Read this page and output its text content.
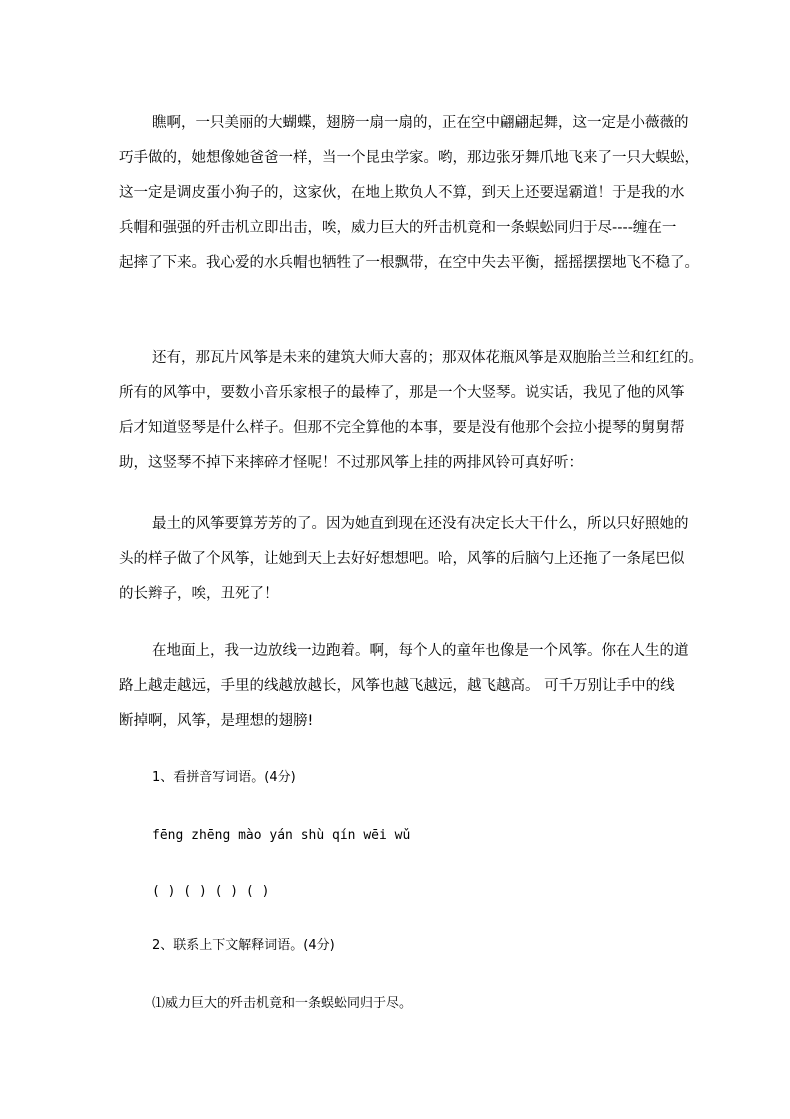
瞧啊，一只美丽的大蝴蝶，翅膀一扇一扇的，正在空中翩翩起舞，这一定是小薇薇的
巧手做的，她想像她爸爸一样，当一个昆虫学家。哟，那边张牙舞爪地飞来了一只大蜈蚣，
这一定是调皮蛋小狗子的，这家伙，在地上欺负人不算，到天上还要逞霸道！于是我的水
兵帽和强强的歼击机立即出击，唉，威力巨大的歼击机竟和一条蜈蚣同归于尽----缠在一
起摔了下来。我心爱的水兵帽也牺牲了一根飘带，在空中失去平衡，摇摇摆摆地飞不稳了。
还有，那瓦片风筝是未来的建筑大师大喜的；那双体花瓶风筝是双胞胎兰兰和红红的。
所有的风筝中，要数小音乐家根子的最棒了，那是一个大竖琴。说实话，我见了他的风筝
后才知道竖琴是什么样子。但那不完全算他的本事，要是没有他那个会拉小提琴的舅舅帮
助，这竖琴不掉下来摔碎才怪呢！不过那风筝上挂的两排风铃可真好听：
最土的风筝要算芳芳的了。因为她直到现在还没有决定长大干什么，所以只好照她的
头的样子做了个风筝，让她到天上去好好想想吧。哈，风筝的后脑勺上还拖了一条尾巴似
的长辫子，唉，丑死了！
在地面上，我一边放线一边跑着。啊，每个人的童年也像是一个风筝。你在人生的道
路上越走越远，手里的线越放越长，风筝也越飞越远，越飞越高。 可千万别让手中的线
断掉啊，风筝，是理想的翅膀!
1、看拼音写词语。(4分)
fēng zhēng mào yán shù qín wēi wǔ
( ) ( ) ( ) ( )
2、联系上下文解释词语。(4分)
⑴威力巨大的歼击机竟和一条蜈蚣同归于尽。
